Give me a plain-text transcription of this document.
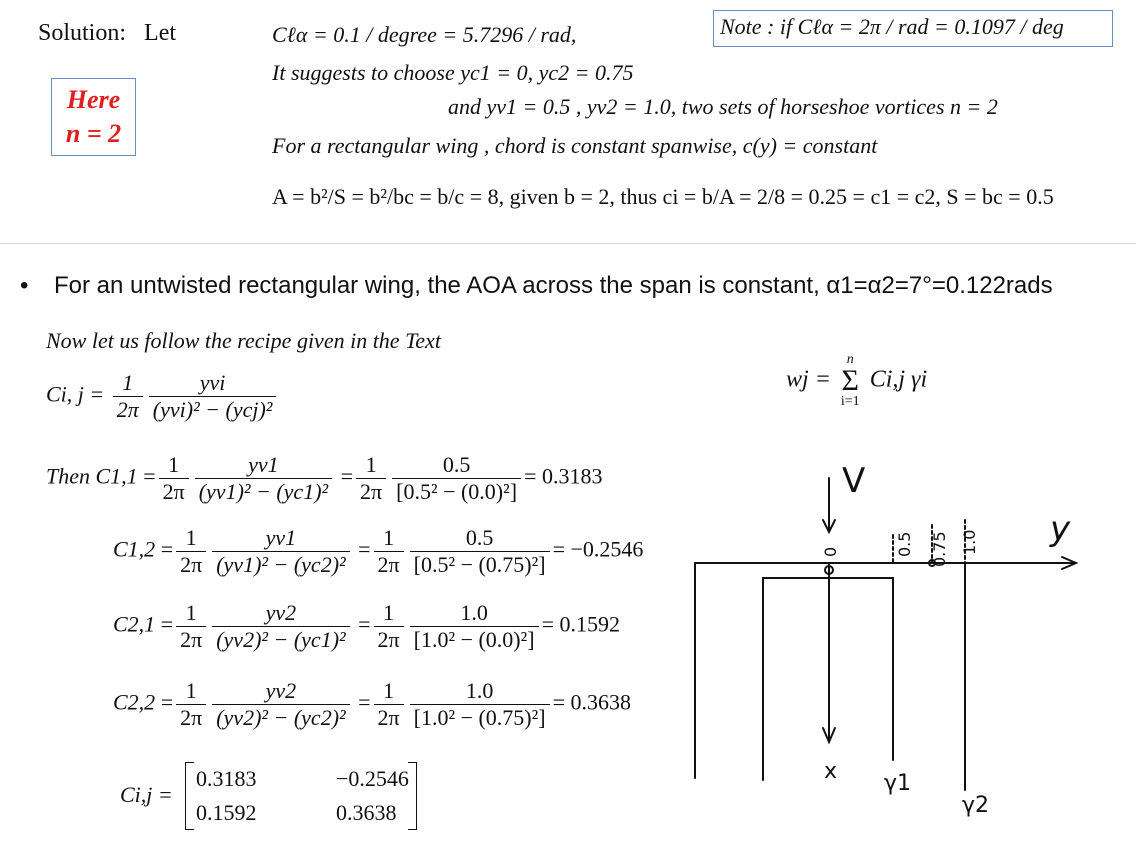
Solution: Let	Note : if Cℓα = 2π / rad = 0.1097 / deg
Here
n = 2
Cℓα = 0.1 / degree = 5.7296 / rad,
It suggests to choose yc1 = 0, yc2 = 0.75
and yv1 = 0.5 , yv2 = 1.0, two sets of horseshoe vortices n = 2
For a rectangular wing , chord is constant spanwise, c(y) = constant
A = b²/S = b²/bc = b/c = 8, given b = 2, thus ci = b/A = 2/8 = 0.25 = c1 = c2, S = bc = 0.5
• For an untwisted rectangular wing, the AOA across the span is constant, α1=α2=7°=0.122rads
Now let us follow the recipe given in the Text
Ci, $j = \frac{1}{2\pi} \frac{\text{yvi}}{\text{(yvi)² − (ycj)²}}$	wj =
n
Σ
i=1
Ci,j γi
Then $C1,1 = \frac{1}{2\pi} \frac{yv1}{\text{(yv1)² − (yc1)²}} = \frac{1}{2\pi} \frac{0.5}{\text{[0.5² − (0.0)²]}} = 0.3183$
$C1,2 = \frac{1}{2\pi} \frac{yv1}{\text{(yv1)² − (yc2)²}} = \frac{1}{2\pi} \frac{0.5}{\text{[0.5² − (0.75)²]}} = -0.2546$
$C2,1 = \frac{1}{2\pi} \frac{yv2}{\text{(yv2)² − (yc1)²}} = \frac{1}{2\pi} \frac{1.0}{\text{[1.0² − (0.0)²]}} = 0.1592$
$C2,2 = \frac{1}{2\pi} \frac{yv2}{\text{(yv2)² − (yc2)²}} = \frac{1}{2\pi} \frac{1.0}{\text{[1.0² − (0.75)²]}} = 0.3638$
Ci,j =
0.3183	−0.2546
0.1592	0.3638
V
y
x
0	0.5 0.75 1.0
γ1
γ2
